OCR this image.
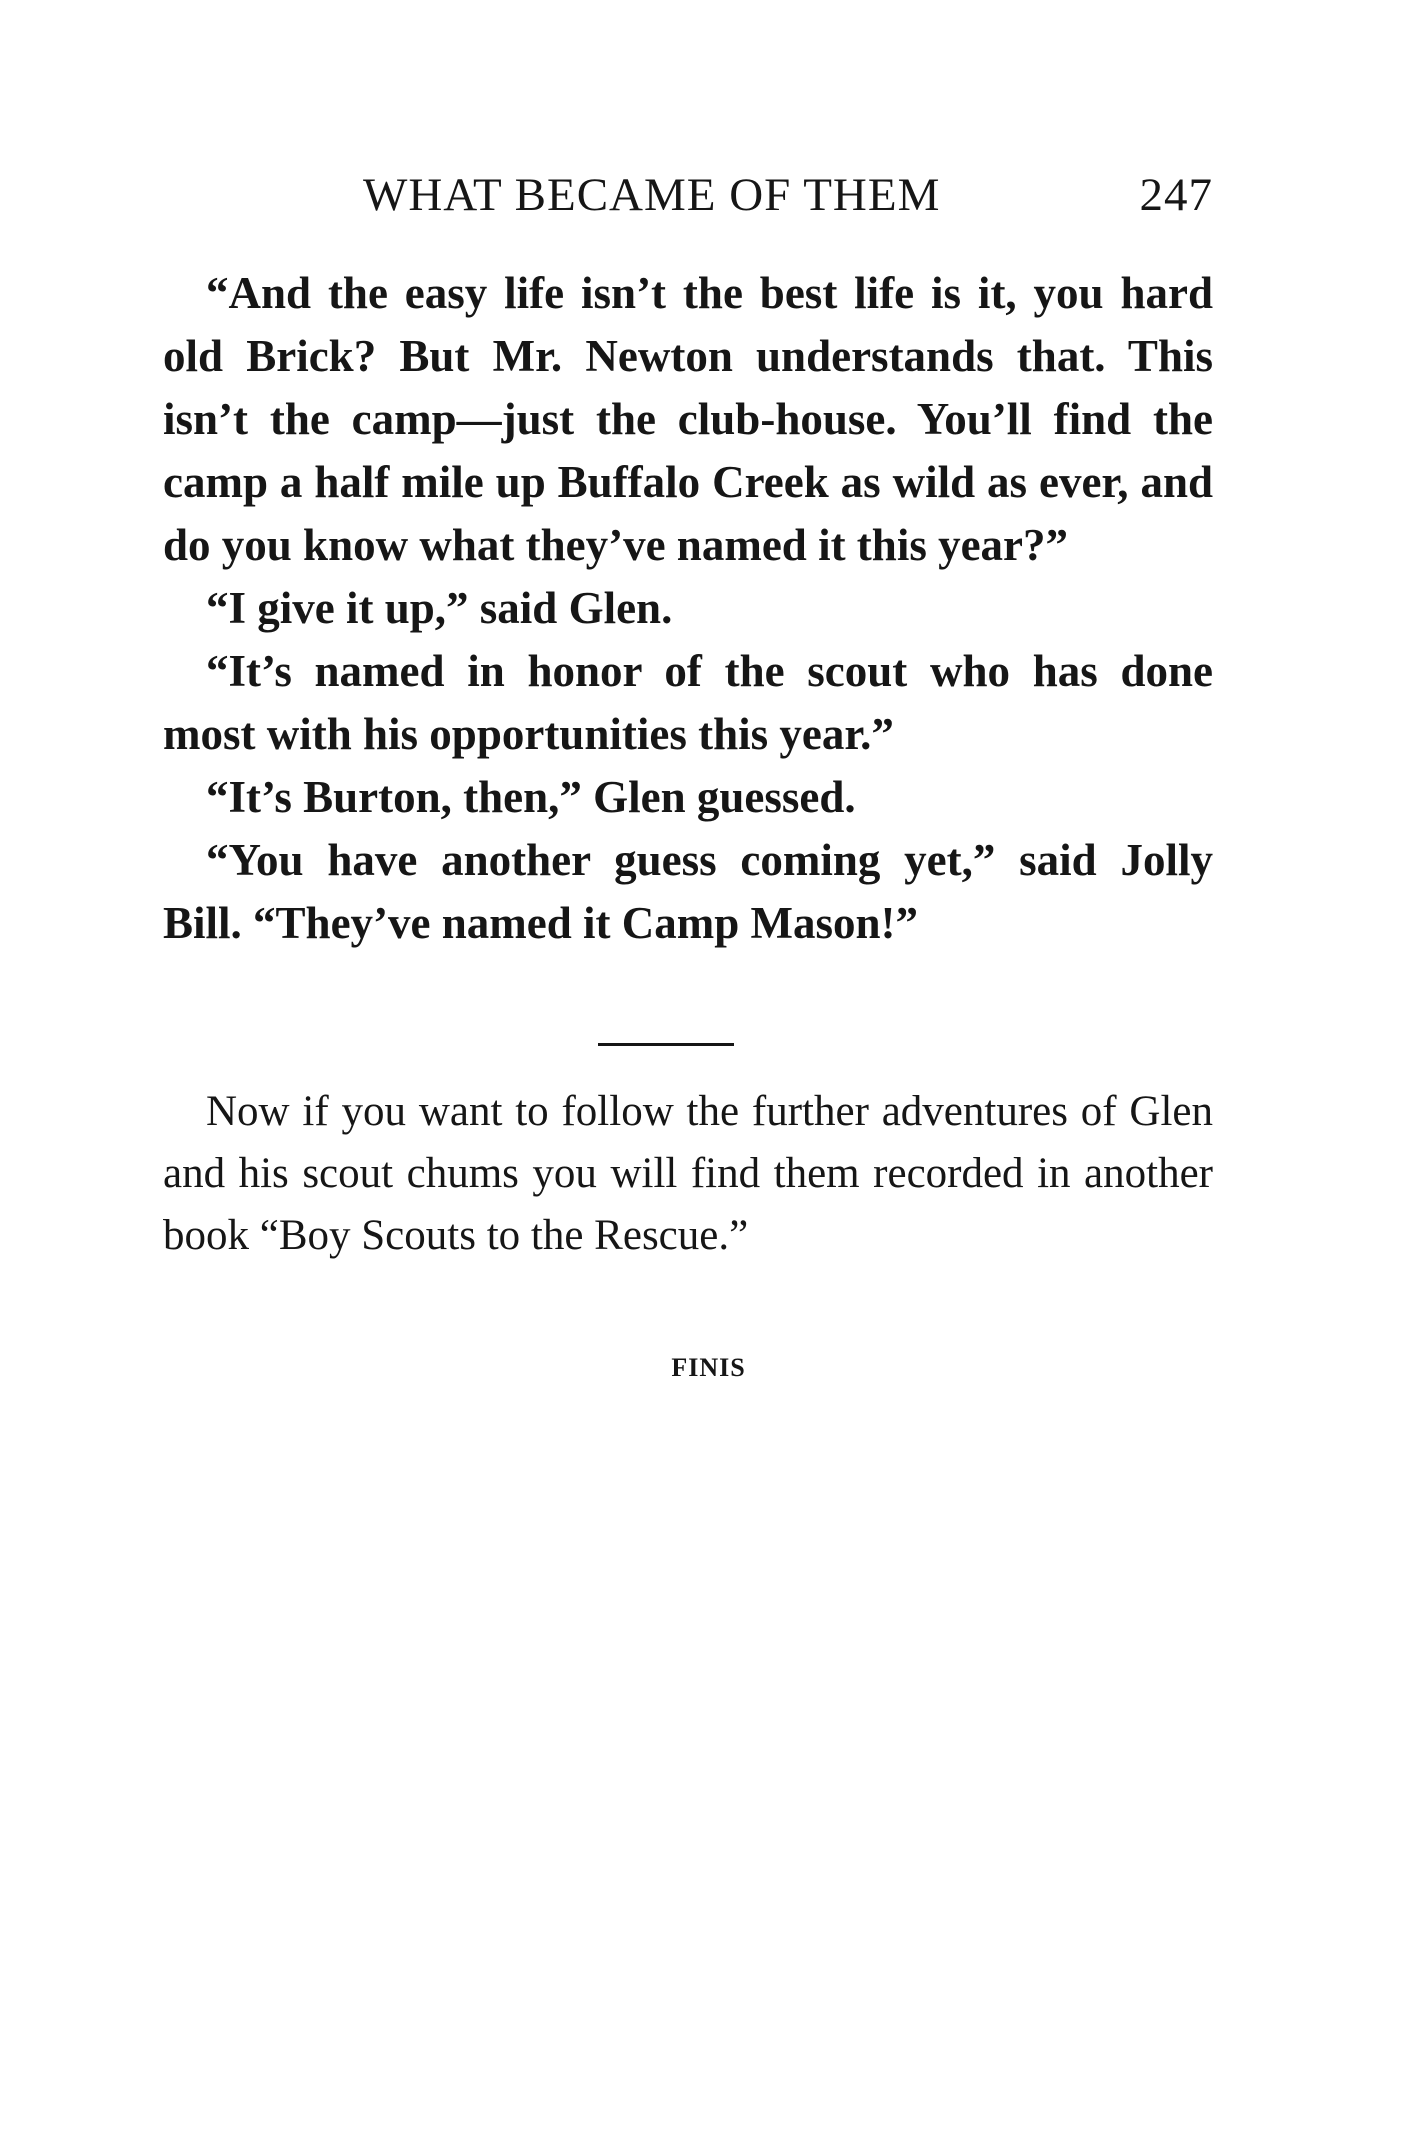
WHAT BECAME OF THEM	247

“And the easy life isn’t the best life is it, you hard old Brick? But Mr. Newton understands that. This isn’t the camp—just the club-house. You’ll find the camp a half mile up Buffalo Creek as wild as ever, and do you know what they’ve named it this year?”

“I give it up,” said Glen.

“It’s named in honor of the scout who has done most with his opportunities this year.”

“It’s Burton, then,” Glen guessed.

“You have another guess coming yet,” said Jolly Bill. “They’ve named it Camp Mason!”

Now if you want to follow the further adventures of Glen and his scout chums you will find them recorded in another book “Boy Scouts to the Rescue.”

FINIS
